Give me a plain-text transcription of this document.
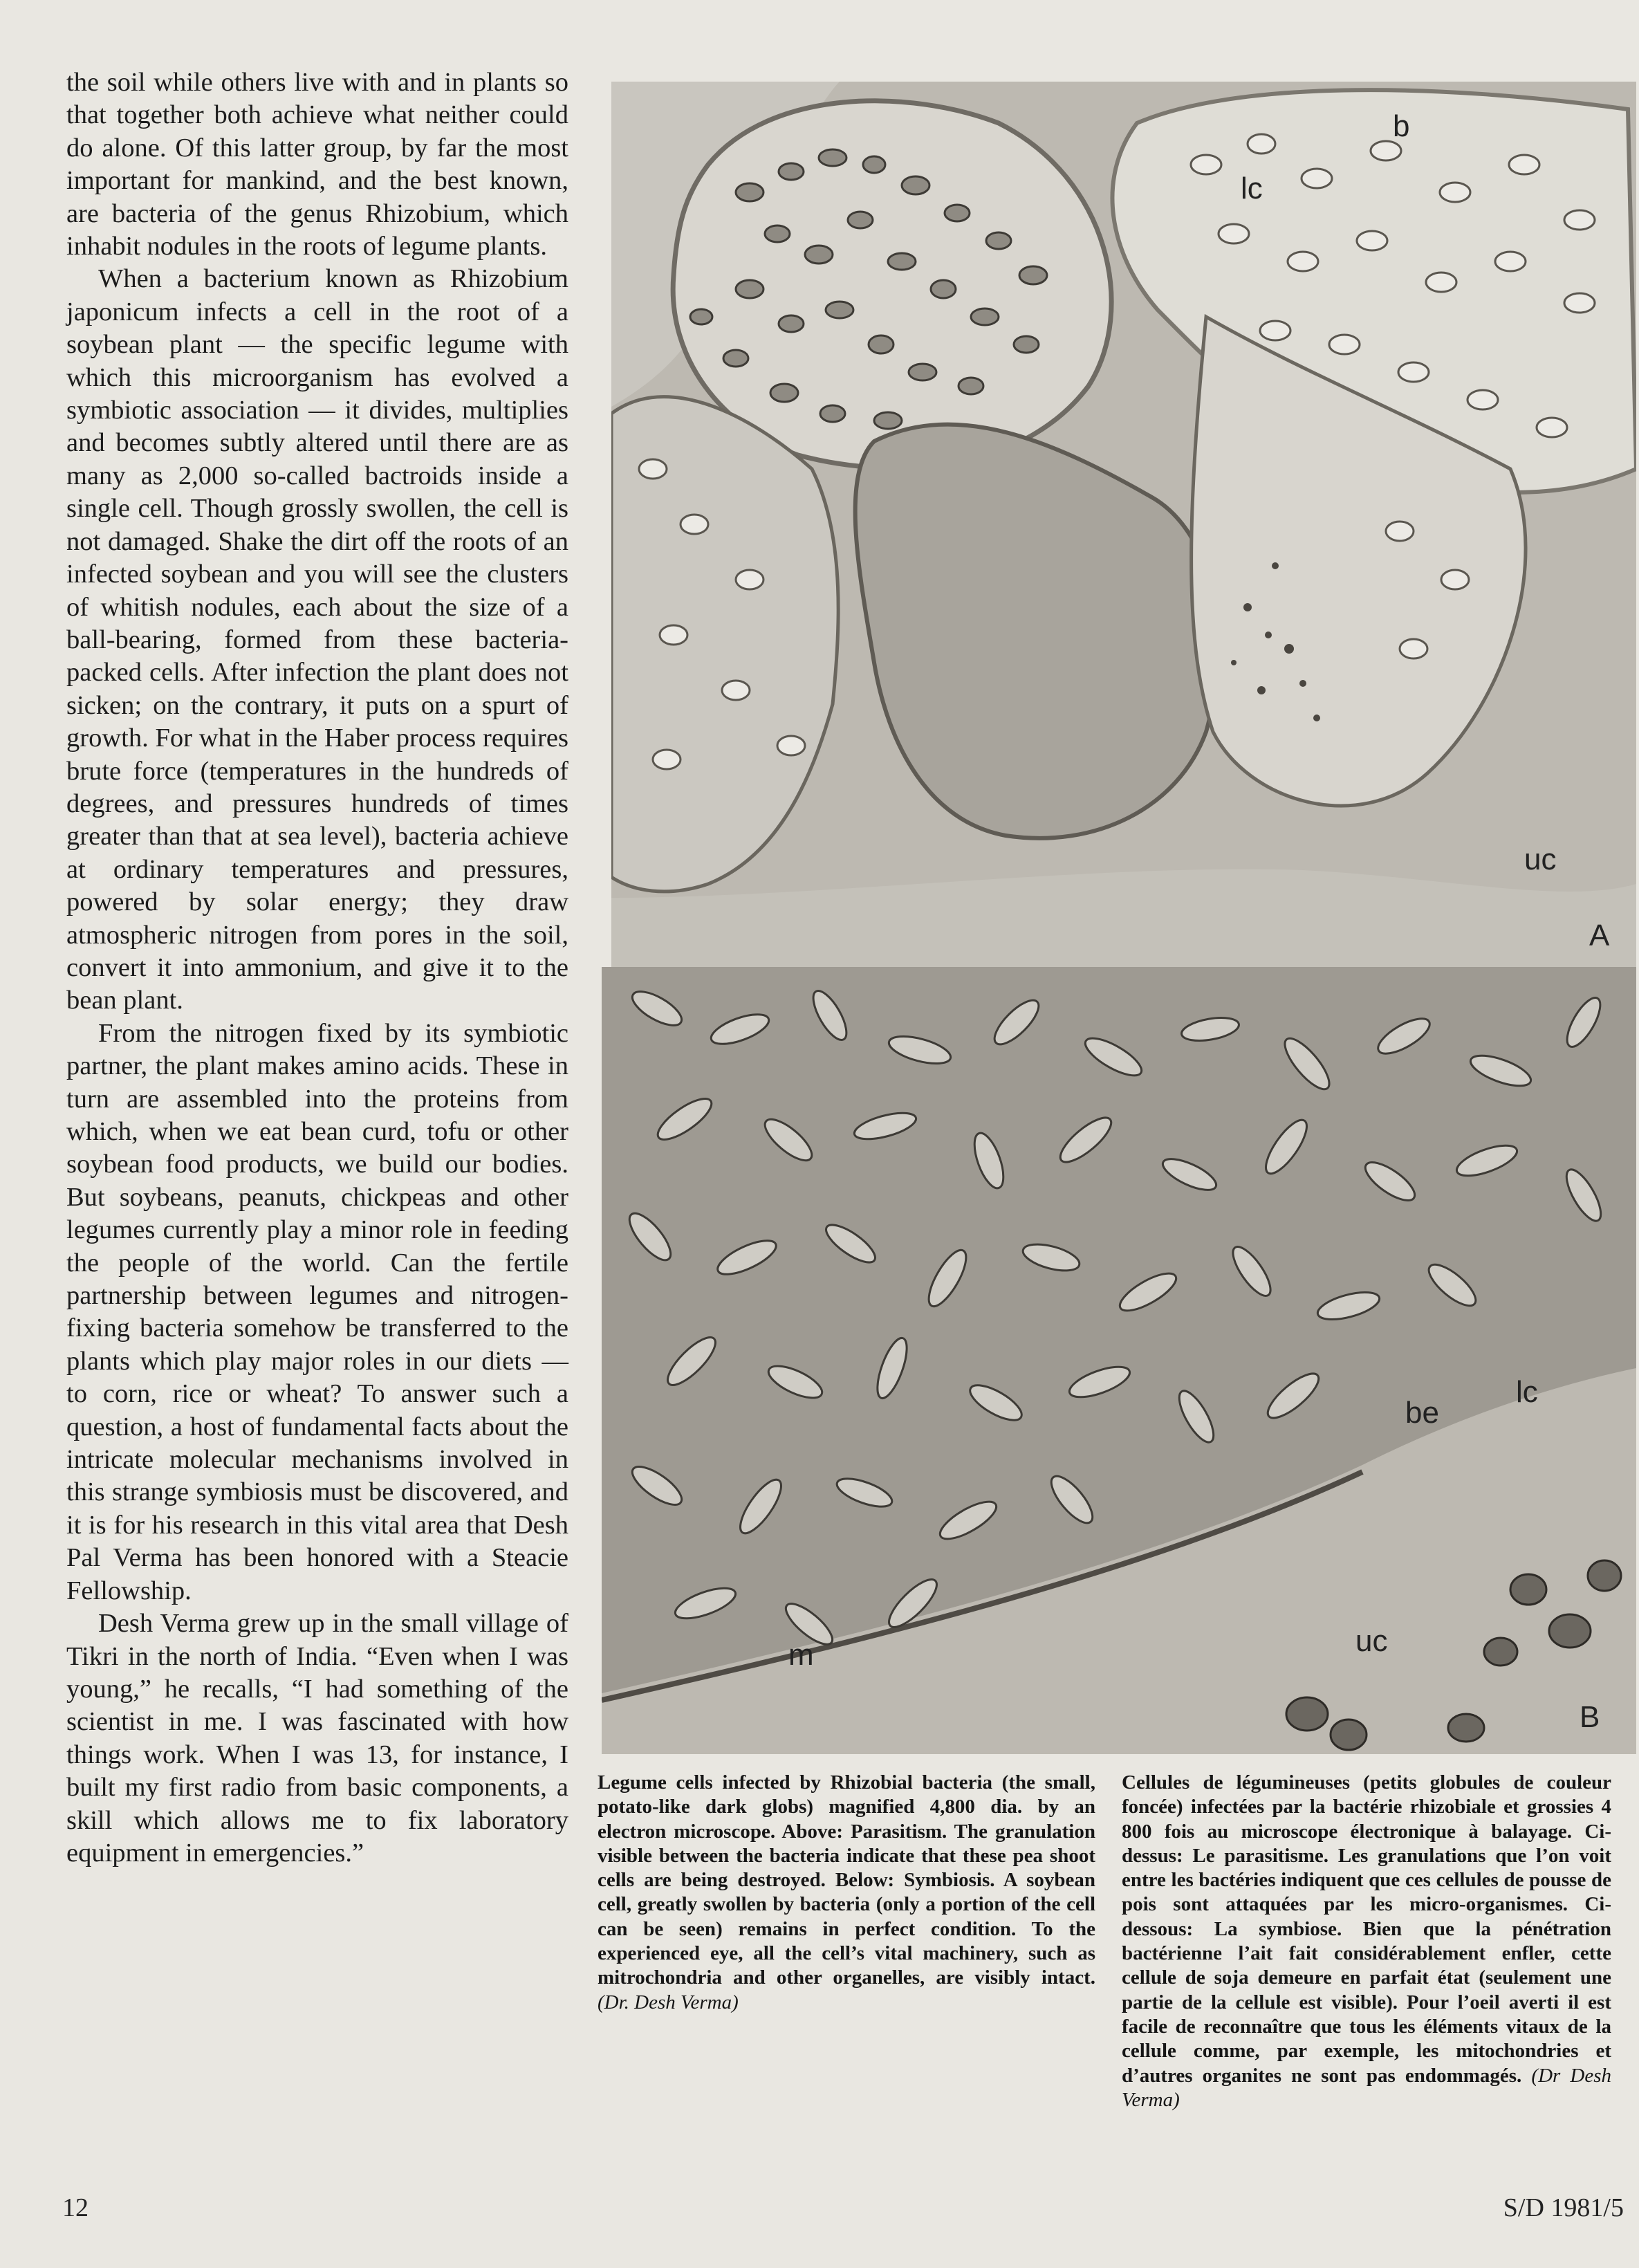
the soil while others live with and in plants so that together both achieve what neither could do alone. Of this latter group, by far the most important for mankind, and the best known, are bacteria of the genus Rhizobium, which inhabit nodules in the roots of legume plants.

When a bacterium known as Rhizobium japonicum infects a cell in the root of a soybean plant — the specific legume with which this microorganism has evolved a symbiotic association — it divides, multiplies and becomes subtly altered until there are as many as 2,000 so-called bactroids inside a single cell. Though grossly swollen, the cell is not damaged. Shake the dirt off the roots of an infected soybean and you will see the clusters of whitish nodules, each about the size of a ball-bearing, formed from these bacteria-packed cells. After infection the plant does not sicken; on the contrary, it puts on a spurt of growth. For what in the Haber process requires brute force (temperatures in the hundreds of degrees, and pressures hundreds of times greater than that at sea level), bacteria achieve at ordinary temperatures and pressures, powered by solar energy; they draw atmospheric nitrogen from pores in the soil, convert it into ammonium, and give it to the bean plant.

From the nitrogen fixed by its symbiotic partner, the plant makes amino acids. These in turn are assembled into the proteins from which, when we eat bean curd, tofu or other soybean food products, we build our bodies. But soybeans, peanuts, chickpeas and other legumes currently play a minor role in feeding the people of the world. Can the fertile partnership between legumes and nitrogen-fixing bacteria somehow be transferred to the plants which play major roles in our diets — to corn, rice or wheat? To answer such a question, a host of fundamental facts about the intricate molecular mechanisms involved in this strange symbiosis must be discovered, and it is for his research in this vital area that Desh Pal Verma has been honored with a Steacie Fellowship.

Desh Verma grew up in the small village of Tikri in the north of India. “Even when I was young,” he recalls, “I had something of the scientist in me. I was fascinated with how things work. When I was 13, for instance, I built my first radio from basic components, a skill which allows me to fix laboratory equipment in emergencies.”

b
lc
uc
A
be
lc
uc
m
B
Legume cells infected by Rhizobial bacteria (the small, potato-like dark globs) magnified 4,800 dia. by an electron microscope. Above: Parasitism. The granulation visible between the bacteria indicate that these pea shoot cells are being destroyed. Below: Symbiosis. A soybean cell, greatly swollen by bacteria (only a portion of the cell can be seen) remains in perfect condition. To the experienced eye, all the cell’s vital machinery, such as mitrochondria and other organelles, are visibly intact. (Dr. Desh Verma)
Cellules de légumineuses (petits globules de couleur foncée) infectées par la bactérie rhizobiale et grossies 4 800 fois au microscope électronique à balayage. Ci-dessus: Le parasitisme. Les granulations que l’on voit entre les bactéries indiquent que ces cellules de pousse de pois sont attaquées par les micro-organismes. Ci-dessous: La symbiose. Bien que la pénétration bactérienne l’ait fait considérablement enfler, cette cellule de soja demeure en parfait état (seulement une partie de la cellule est visible). Pour l’oeil averti il est facile de reconnaître que tous les éléments vitaux de la cellule comme, par exemple, les mitochondries et d’autres organites ne sont pas endommagés. (Dr Desh Verma)
12	S/D 1981/5
